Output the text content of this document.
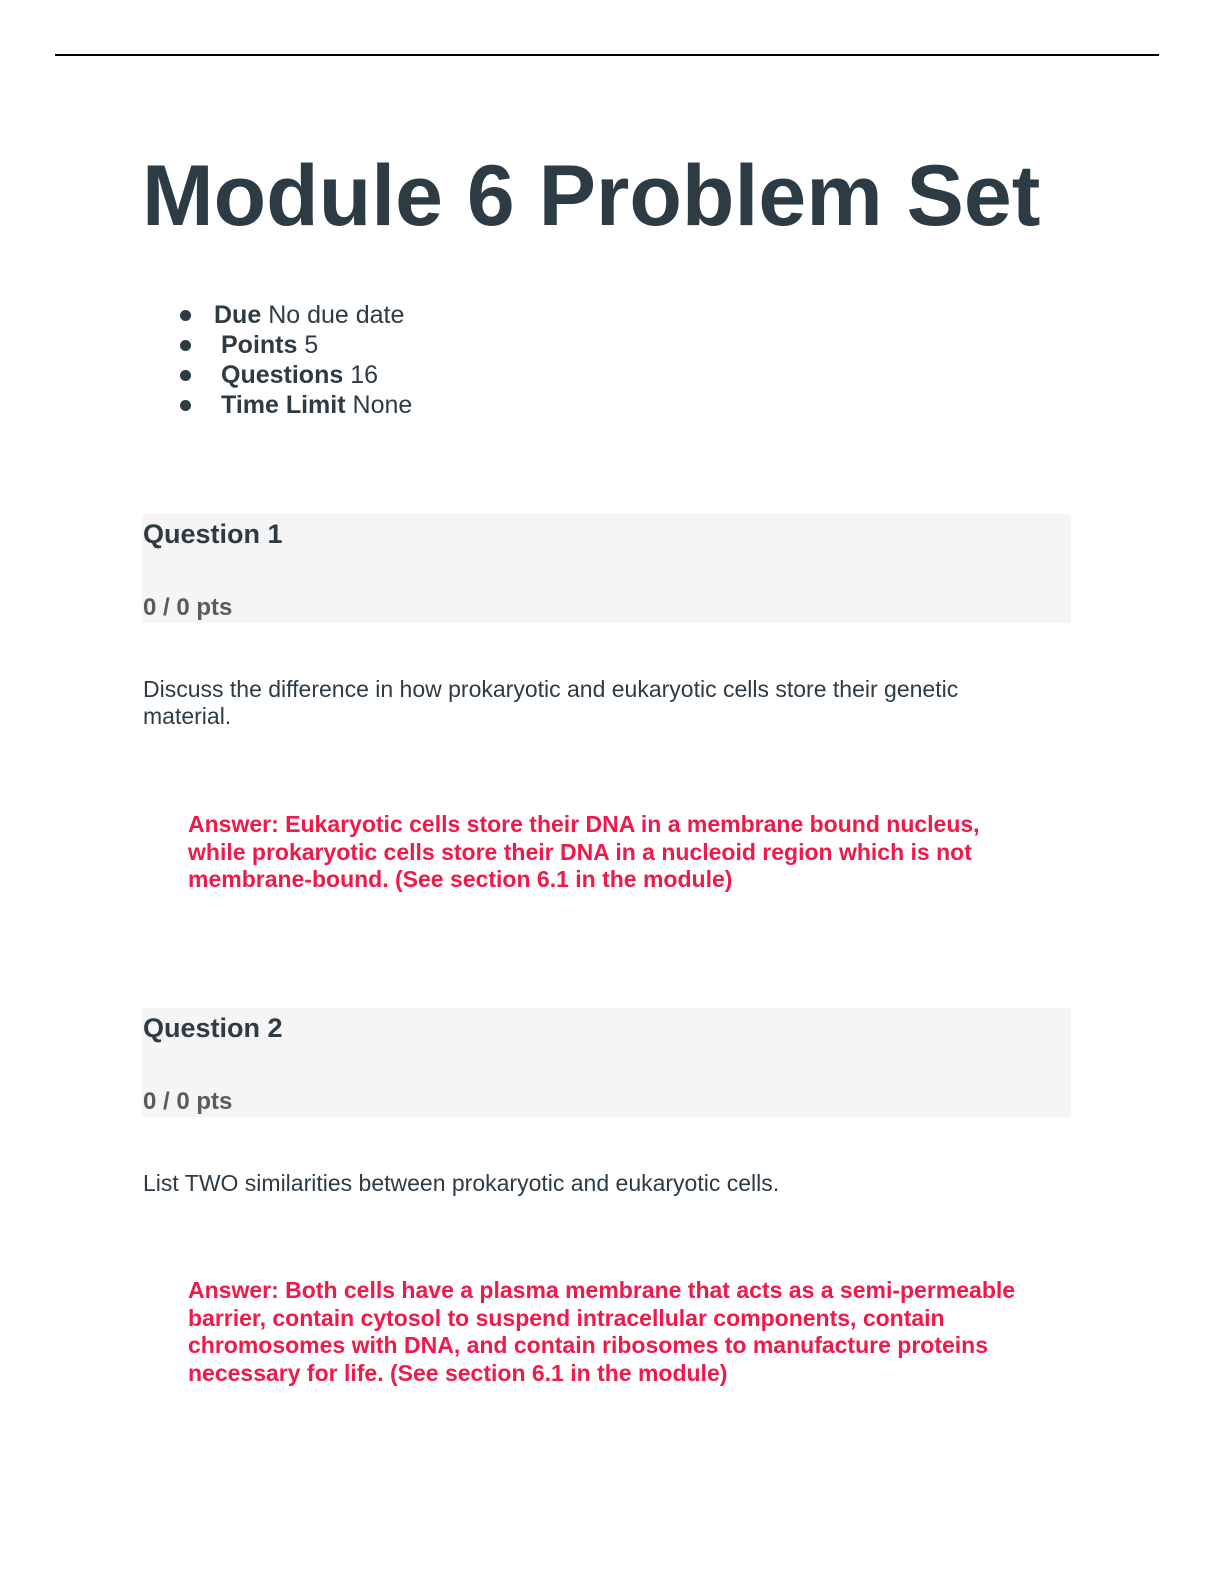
Module 6 Problem Set
Due No due date
Points 5
Questions 16
Time Limit None
Question 1
0 / 0 pts

Discuss the difference in how prokaryotic and eukaryotic cells store their genetic material.

Answer: Eukaryotic cells store their DNA in a membrane bound nucleus, while prokaryotic cells store their DNA in a nucleoid region which is not membrane-bound. (See section 6.1 in the module)

Question 2
0 / 0 pts

List TWO similarities between prokaryotic and eukaryotic cells.

Answer: Both cells have a plasma membrane that acts as a semi-permeable barrier, contain cytosol to suspend intracellular components, contain chromosomes with DNA, and contain ribosomes to manufacture proteins necessary for life. (See section 6.1 in the module)
